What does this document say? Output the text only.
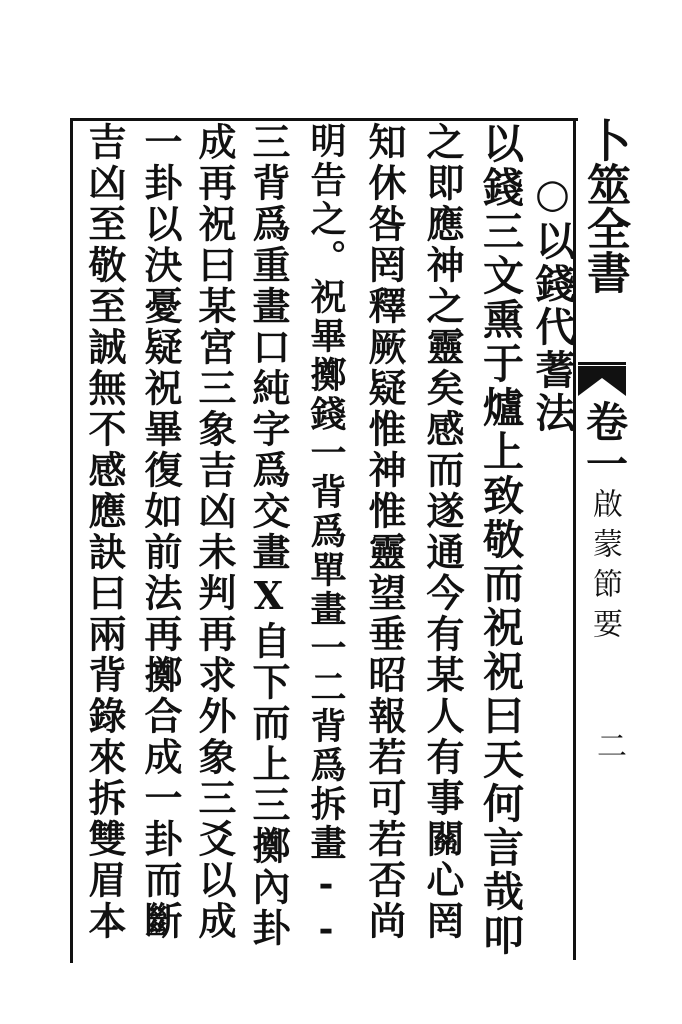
卜筮全書
卷一
啟蒙節要
二
○以錢代蓍法
以錢三文熏于爐上致敬而祝祝曰天何言哉叩
之即應神之靈矣感而遂通今有某人有事關心罔
知休咎罔釋厥疑惟神惟靈望垂昭報若可若否尚
明告之。祝畢擲錢一背爲單畫一二背爲拆畫--
三背爲重畫口純字爲交畫X自下而上三擲內卦
成再祝曰某宮三象吉凶未判再求外象三爻以成
一卦以決憂疑祝畢復如前法再擲合成一卦而斷
吉凶至敬至誠無不感應訣曰兩背錄來拆雙眉本
